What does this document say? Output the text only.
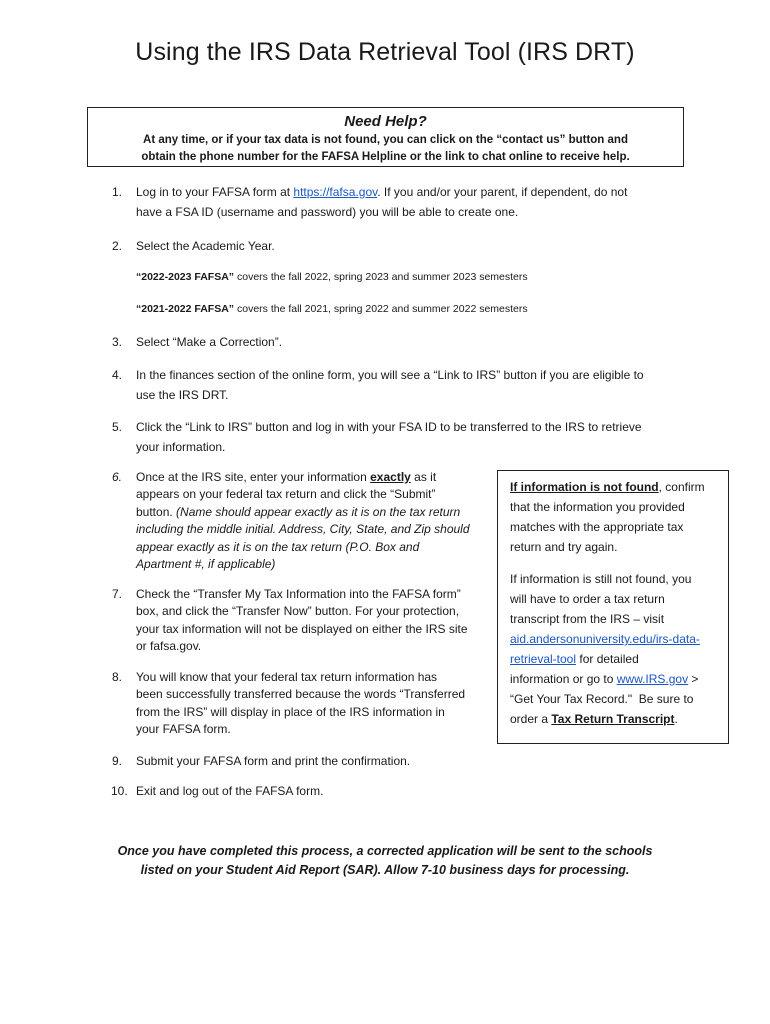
Using the IRS Data Retrieval Tool (IRS DRT)
Need Help?
At any time, or if your tax data is not found, you can click on the “contact us” button and
obtain the phone number for the FAFSA Helpline or the link to chat online to receive help.
1. Log in to your FAFSA form at https://fafsa.gov. If you and/or your parent, if dependent, do not
have a FSA ID (username and password) you will be able to create one.
2. Select the Academic Year.
“2022-2023 FAFSA” covers the fall 2022, spring 2023 and summer 2023 semesters
“2021-2022 FAFSA” covers the fall 2021, spring 2022 and summer 2022 semesters
3. Select “Make a Correction”.
4. In the finances section of the online form, you will see a “Link to IRS” button if you are eligible to
use the IRS DRT.
5. Click the “Link to IRS” button and log in with your FSA ID to be transferred to the IRS to retrieve
your information.
6. Once at the IRS site, enter your information exactly as it
appears on your federal tax return and click the “Submit”
button. (Name should appear exactly as it is on the tax return
including the middle initial. Address, City, State, and Zip should
appear exactly as it is on the tax return (P.O. Box and
Apartment #, if applicable)
7. Check the “Transfer My Tax Information into the FAFSA form”
box, and click the “Transfer Now” button. For your protection,
your tax information will not be displayed on either the IRS site
or fafsa.gov.
8. You will know that your federal tax return information has
been successfully transferred because the words “Transferred
from the IRS” will display in place of the IRS information in
your FAFSA form.
9. Submit your FAFSA form and print the confirmation.
10. Exit and log out of the FAFSA form.

If information is not found, confirm

that the information you provided

matches with the appropriate tax

return and try again.

If information is still not found, you

will have to order a tax return

transcript from the IRS – visit

aid.andersonuniversity.edu/irs-data-

retrieval-tool for detailed

information or go to www.IRS.gov >

“Get Your Tax Record."  Be sure to

order a Tax Return Transcript.

Once you have completed this process, a corrected application will be sent to the schools
listed on your Student Aid Report (SAR). Allow 7-10 business days for processing.
